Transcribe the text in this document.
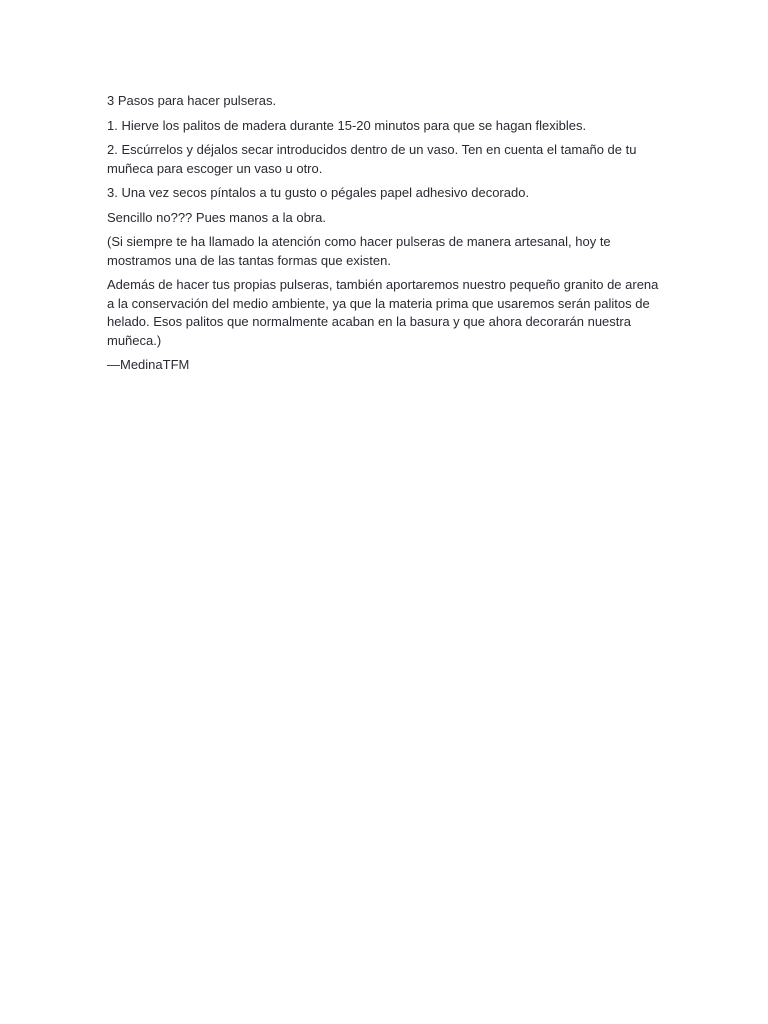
3 Pasos para hacer pulseras.

1. Hierve los palitos de madera durante 15-20 minutos para que se hagan flexibles.

2. Escúrrelos y déjalos secar introducidos dentro de un vaso. Ten en cuenta el tamaño de tu muñeca para escoger un vaso u otro.

3. Una vez secos píntalos a tu gusto o pégales papel adhesivo decorado.

Sencillo no??? Pues manos a la obra.

(Si siempre te ha llamado la atención como hacer pulseras de manera artesanal, hoy te mostramos una de las tantas formas que existen.

Además de hacer tus propias pulseras, también aportaremos nuestro pequeño granito de arena a la conservación del medio ambiente, ya que la materia prima que usaremos serán palitos de helado. Esos palitos que normalmente acaban en la basura y que ahora decorarán nuestra muñeca.)

—MedinaTFM
